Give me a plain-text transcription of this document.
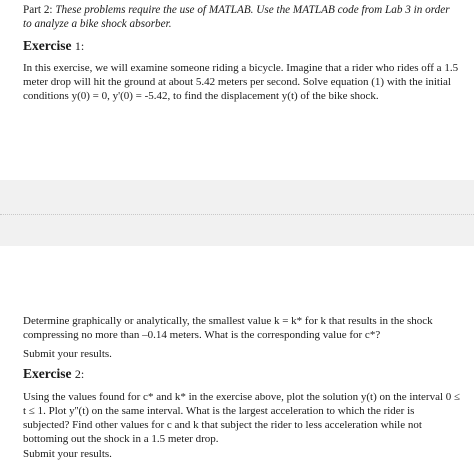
Part 2: These problems require the use of MATLAB. Use the MATLAB code from Lab 3 in order to analyze a bike shock absorber.

Exercise 1:

In this exercise, we will examine someone riding a bicycle. Imagine that a rider who rides off a 1.5 meter drop will hit the ground at about 5.42 meters per second. Solve equation (1) with the initial conditions y(0) = 0, y'(0) = -5.42, to find the displacement y(t) of the bike shock.

Determine graphically or analytically, the smallest value k = k* for k that results in the shock compressing no more than –0.14 meters. What is the corresponding value for c*?

Submit your results.

Exercise 2:

Using the values found for c* and k* in the exercise above, plot the solution y(t) on the interval 0 ≤ t ≤ 1. Plot y''(t) on the same interval. What is the largest acceleration to which the rider is subjected? Find other values for c and k that subject the rider to less acceleration while not bottoming out the shock in a 1.5 meter drop.

Submit your results.
